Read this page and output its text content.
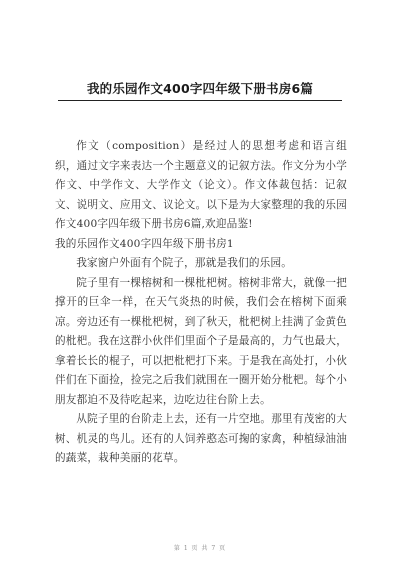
我的乐园作文400字四年级下册书房6篇

作文（composition）是经过人的思想考虑和语言组织，通过文字来表达一个主题意义的记叙方法。作文分为小学作文、中学作文、大学作文（论文）。作文体裁包括：记叙文、说明文、应用文、议论文。以下是为大家整理的我的乐园作文400字四年级下册书房6篇,欢迎品鉴!

我的乐园作文400字四年级下册书房1

我家窗户外面有个院子，那就是我们的乐园。

院子里有一棵榕树和一棵枇杷树。榕树非常大，就像一把撑开的巨伞一样，在天气炎热的时候，我们会在榕树下面乘凉。旁边还有一棵枇杷树，到了秋天，枇杷树上挂满了金黄色的枇杷。我在这群小伙伴们里面个子是最高的，力气也最大，拿着长长的棍子，可以把枇杷打下来。于是我在高处打，小伙伴们在下面捡，捡完之后我们就围在一圈开始分枇杷。每个小朋友都迫不及待吃起来，边吃边往台阶上去。

从院子里的台阶走上去，还有一片空地。那里有茂密的大树、机灵的鸟儿。还有的人饲养憨态可掬的家禽，种植绿油油的蔬菜，栽种美丽的花草。

第 1 页 共 7 页
